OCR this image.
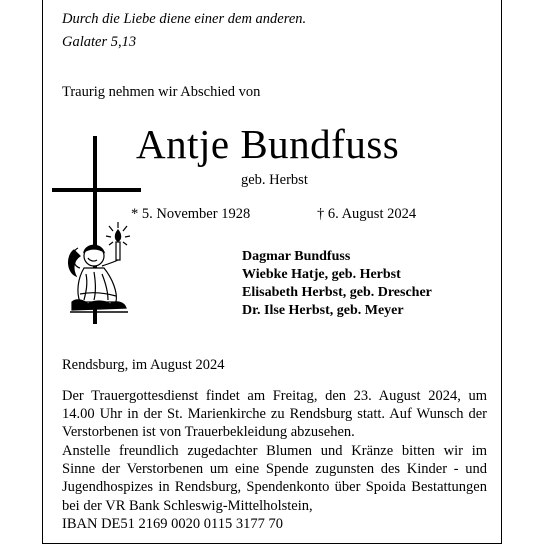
Durch die Liebe diene einer dem anderen.
Galater 5,13
Traurig nehmen wir Abschied von
Antje Bundfuss
geb. Herbst
* 5. November 1928	† 6. August 2024
Dagmar Bundfuss
Wiebke Hatje, geb. Herbst
Elisabeth Herbst, geb. Drescher
Dr. Ilse Herbst, geb. Meyer
Rendsburg, im August 2024
Der Trauergottesdienst findet am Freitag, den 23. August 2024, um
14.00 Uhr in der St. Marienkirche zu Rendsburg statt. Auf Wunsch der
Verstorbenen ist von Trauerbekleidung abzusehen.
Anstelle freundlich zugedachter Blumen und Kränze bitten wir im
Sinne der Verstorbenen um eine Spende zugunsten des Kinder - und
Jugendhospizes in Rendsburg, Spendenkonto über Spoida Bestattungen
bei der VR Bank Schleswig-Mittelholstein,
IBAN DE51 2169 0020 0115 3177 70
